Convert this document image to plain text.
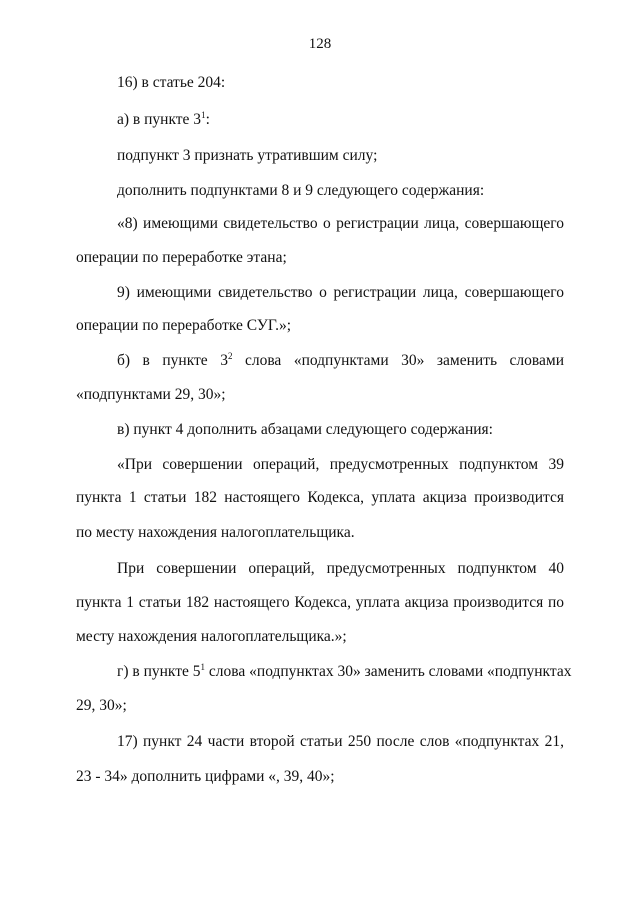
128
16) в статье 204:
а) в пункте $3^1$:
подпункт 3 признать утратившим силу;
дополнить подпунктами 8 и 9 следующего содержания:
«8) имеющими свидетельство о регистрации лица, совершающего
операции по переработке этана;
9) имеющими свидетельство о регистрации лица, совершающего
операции по переработке СУГ.»;
б) в пункте $3^2$ слова «подпунктами 30» заменить словами
«подпунктами 29, 30»;
в) пункт 4 дополнить абзацами следующего содержания:
«При совершении операций, предусмотренных подпунктом 39
пункта 1 статьи 182 настоящего Кодекса, уплата акциза производится
по месту нахождения налогоплательщика.
При совершении операций, предусмотренных подпунктом 40
пункта 1 статьи 182 настоящего Кодекса, уплата акциза производится по
месту нахождения налогоплательщика.»;
г) в пункте $5^1$ слова «подпунктах 30» заменить словами «подпунктах
29, 30»;
17) пункт 24 части второй статьи 250 после слов «подпунктах 21,
23 - 34» дополнить цифрами «, 39, 40»;
